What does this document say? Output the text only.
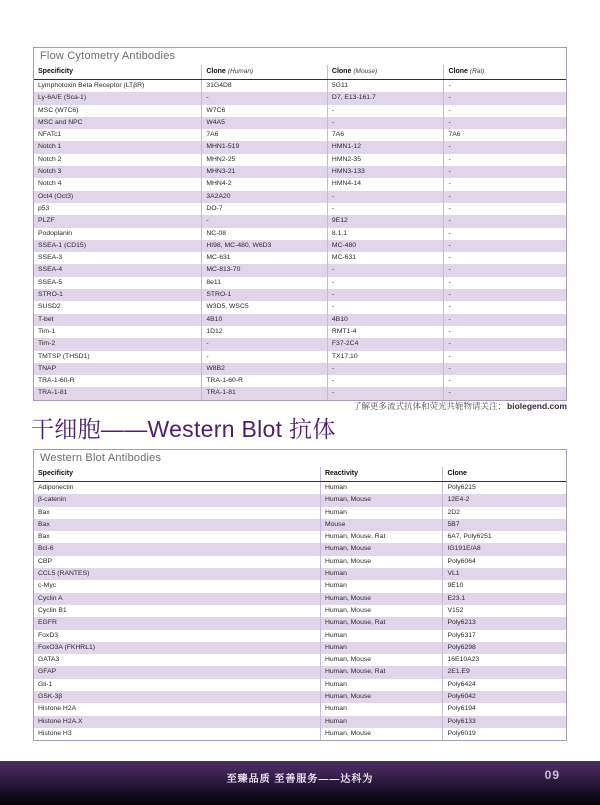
Flow Cytometry Antibodies
Specificity	Clone (Human)	Clone (Mouse)	Clone (Rat)
Lymphotoxin Beta Receptor (LTβR)	31G4D8	5G11	-
Ly-6A/E (Sca-1)	-	D7, E13-161.7	-
MSC (W7C6)	W7C6	-	-
MSC and NPC	W4A5	-	-
NFATc1	7A6	7A6	7A6
Notch 1	MHN1-519	HMN1-12	-
Notch 2	MHN2-25	HMN2-35	-
Notch 3	MHN3-21	HMN3-133	-
Notch 4	MHN4-2	HMN4-14	-
Oct4 (Oct3)	3A2A20	-	-
p53	DO-7	-	-
PLZF	-	9E12	-
Podoplanin	NC-08	8.1.1	-
SSEA-1 (CD15)	HI98, MC-480, W6D3	MC-480	-
SSEA-3	MC-631	MC-631	-
SSEA-4	MC-813-70	-	-
SSEA-5	8e11	-	-
STRO-1	STRO-1	-	-
SUSD2	W3D5, WSC5	-	-
T-bet	4B10	4B10	-
Tim-1	1D12	RMT1-4	-
Tim-2	-	F37-2C4	-
TMTSP (THSD1)	-	TX17.10	-
TNAP	W8B2	-	-
TRA-1-60-R	TRA-1-60-R	-	-
TRA-1-81	TRA-1-81	-	-
了解更多流式抗体和荧光共轭物请关注：biolegend.com
干细胞——Western Blot 抗体
Western Blot Antibodies
Specificity	Reactivity	Clone
Adiponectin	Human	Poly6215
β-catenin	Human, Mouse	12E4-2
Bax	Human	2D2
Bax	Mouse	5B7
Bax	Human, Mouse, Rat	6A7, Poly6251
Bcl-6	Human, Mouse	IG191E/A8
CBP	Human, Mouse	Poly6064
CCL5 (RANTES)	Human	VL1
c-Myc	Human	9E10
Cyclin A	Human, Mouse	E23.1
Cyclin B1	Human, Mouse	V152
EGFR	Human, Mouse, Rat	Poly6213
FoxD3	Human	Poly6317
FoxO3A (FKHRL1)	Human	Poly6298
GATA3	Human, Mouse	16E10A23
GFAP	Human, Mouse, Rat	2E1.E9
Gli-1	Human	Poly6424
GSK-3β	Human, Mouse	Poly6042
Histone H2A	Human	Poly6194
Histone H2A.X	Human	Poly6133
Histone H3	Human, Mouse	Poly6019
至臻品质 至善服务——达科为	09
